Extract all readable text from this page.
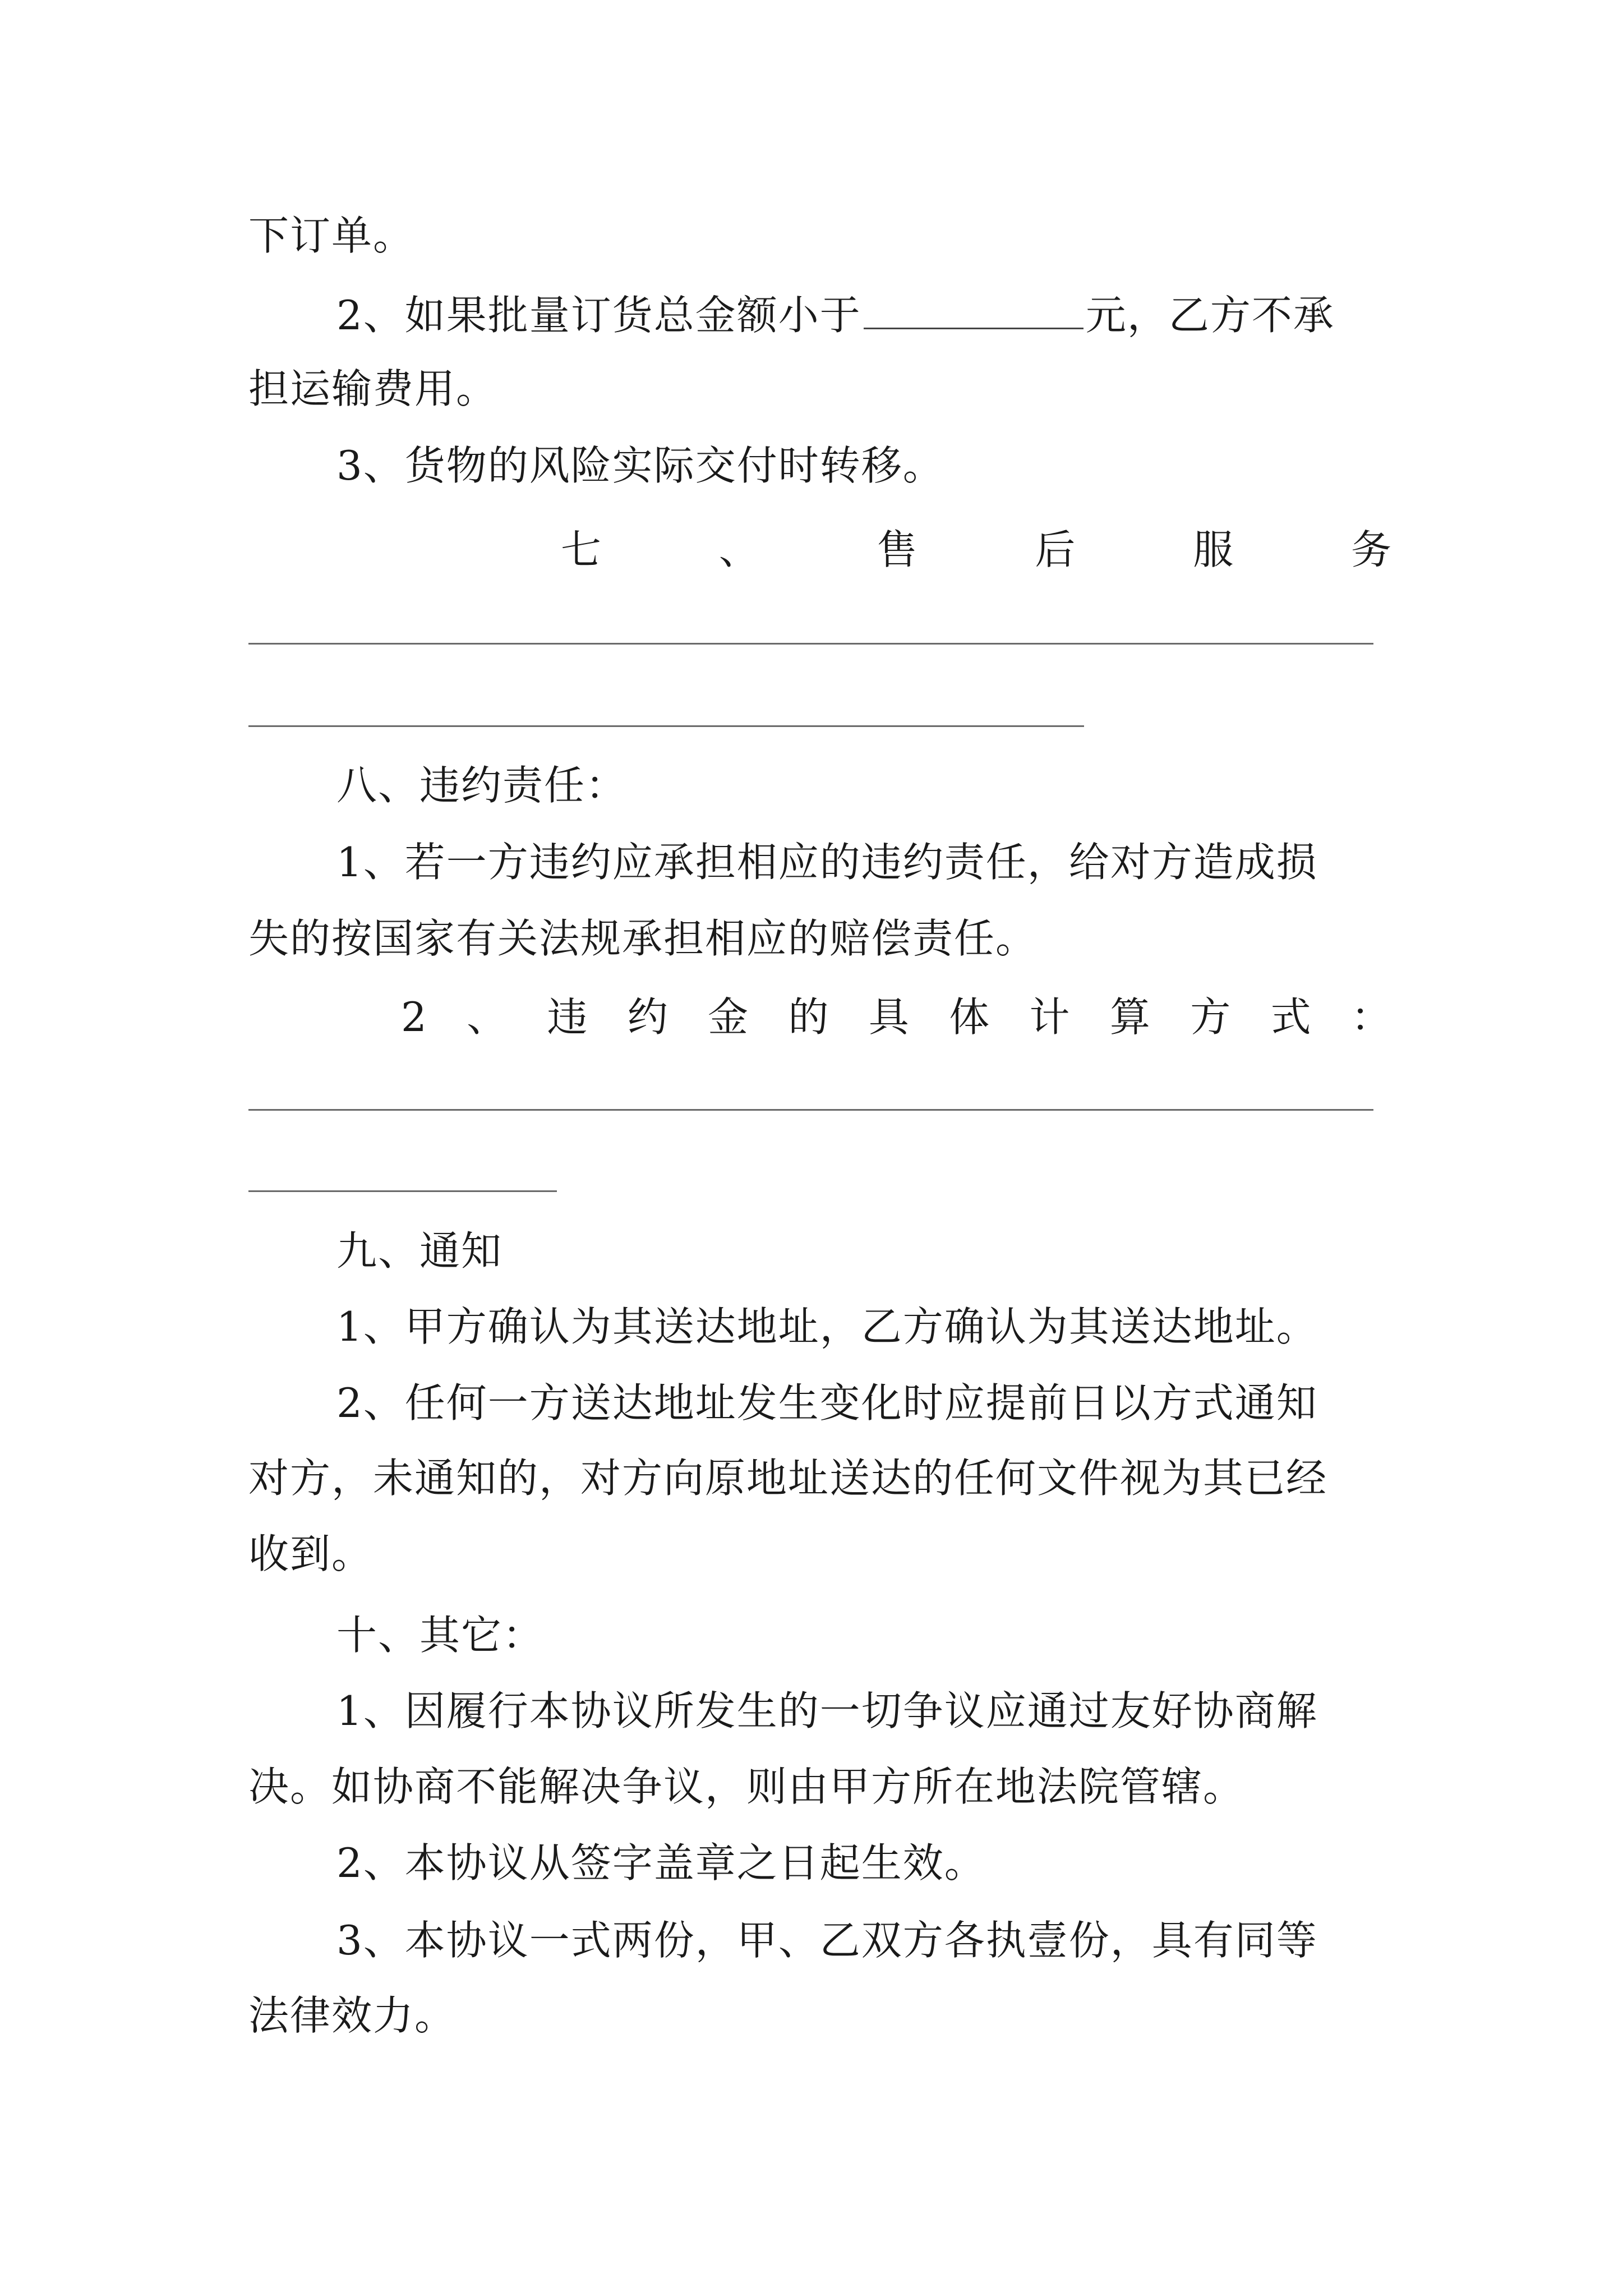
下订单。
2、如果批量订货总金额小于	元，乙方不承
担运输费用。
3、货物的风险实际交付时转移。
七	、	售	后	服	务
八、违约责任：
1、若一方违约应承担相应的违约责任，给对方造成损
失的按国家有关法规承担相应的赔偿责任。
2 、 违 约 金 的 具 体 计 算 方 式 ：
九、通知
1、甲方确认为其送达地址，乙方确认为其送达地址。
2、任何一方送达地址发生变化时应提前日以方式通知
对方，未通知的，对方向原地址送达的任何文件视为其已经
收到。
十、其它：
1、因履行本协议所发生的一切争议应通过友好协商解
决。如协商不能解决争议，则由甲方所在地法院管辖。
2、本协议从签字盖章之日起生效。
3、本协议一式两份，甲、乙双方各执壹份，具有同等
法律效力。
